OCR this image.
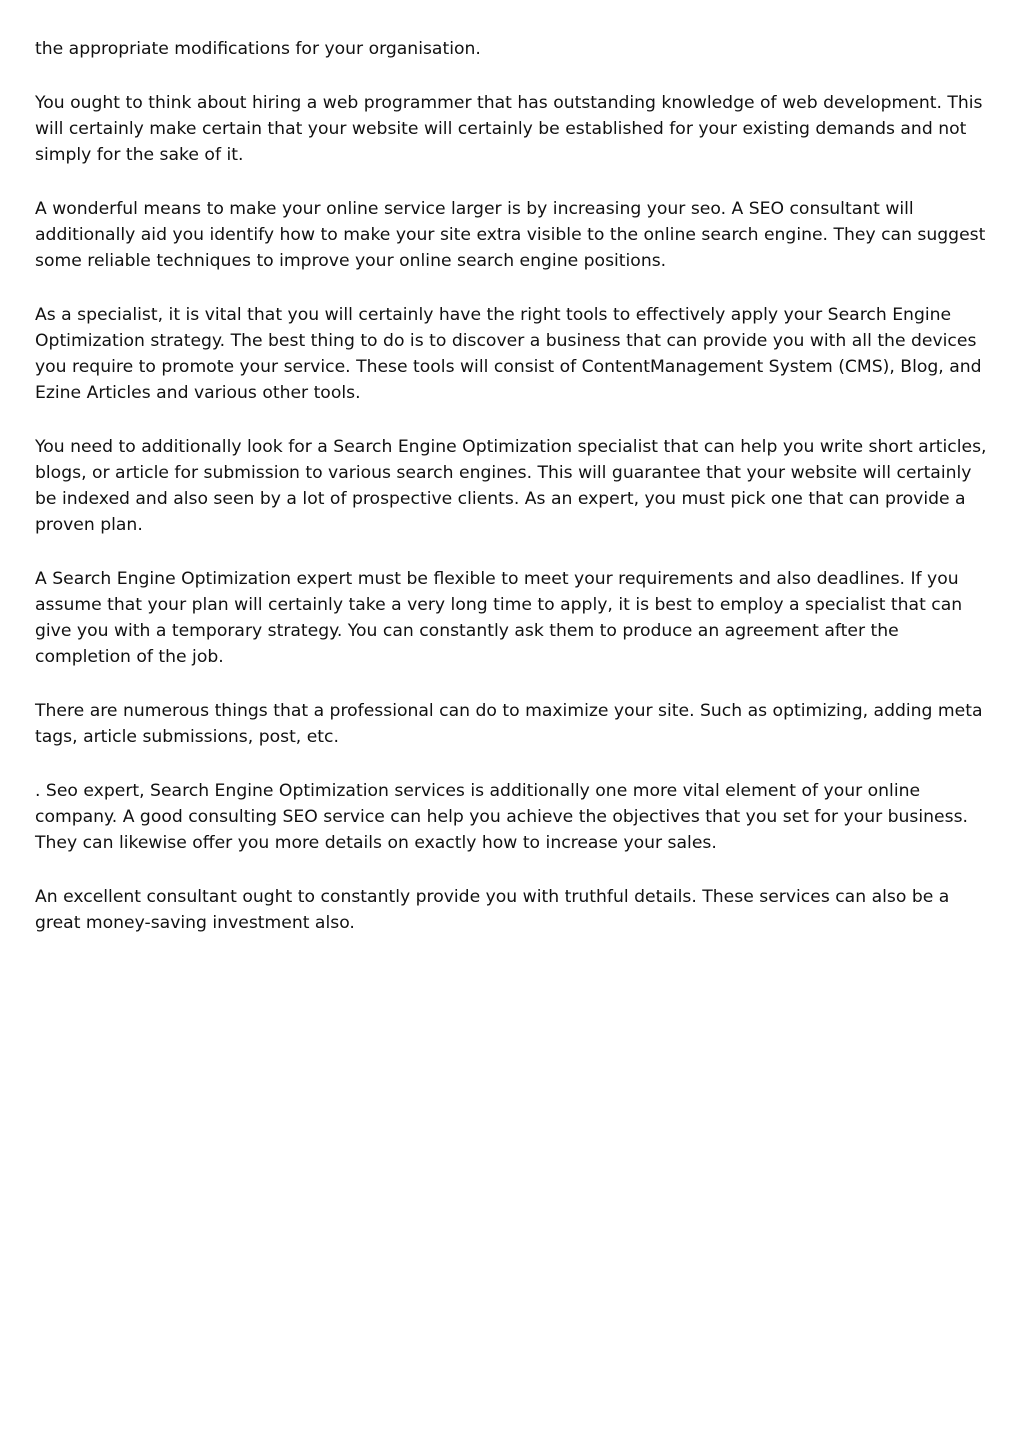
the appropriate modifications for your organisation.

You ought to think about hiring a web programmer that has outstanding knowledge of web development. This will certainly make certain that your website will certainly be established for your existing demands and not simply for the sake of it.

A wonderful means to make your online service larger is by increasing your seo. A SEO consultant will additionally aid you identify how to make your site extra visible to the online search engine. They can suggest some reliable techniques to improve your online search engine positions.

As a specialist, it is vital that you will certainly have the right tools to effectively apply your Search Engine Optimization strategy. The best thing to do is to discover a business that can provide you with all the devices you require to promote your service. These tools will consist of ContentManagement System (CMS), Blog, and Ezine Articles and various other tools.

You need to additionally look for a Search Engine Optimization specialist that can help you write short articles, blogs, or article for submission to various search engines. This will guarantee that your website will certainly be indexed and also seen by a lot of prospective clients. As an expert, you must pick one that can provide a proven plan.

A Search Engine Optimization expert must be flexible to meet your requirements and also deadlines. If you assume that your plan will certainly take a very long time to apply, it is best to employ a specialist that can give you with a temporary strategy. You can constantly ask them to produce an agreement after the completion of the job.

There are numerous things that a professional can do to maximize your site. Such as optimizing, adding meta tags, article submissions, post, etc.

. Seo expert, Search Engine Optimization services is additionally one more vital element of your online company. A good consulting SEO service can help you achieve the objectives that you set for your business. They can likewise offer you more details on exactly how to increase your sales.

An excellent consultant ought to constantly provide you with truthful details. These services can also be a great money-saving investment also.
